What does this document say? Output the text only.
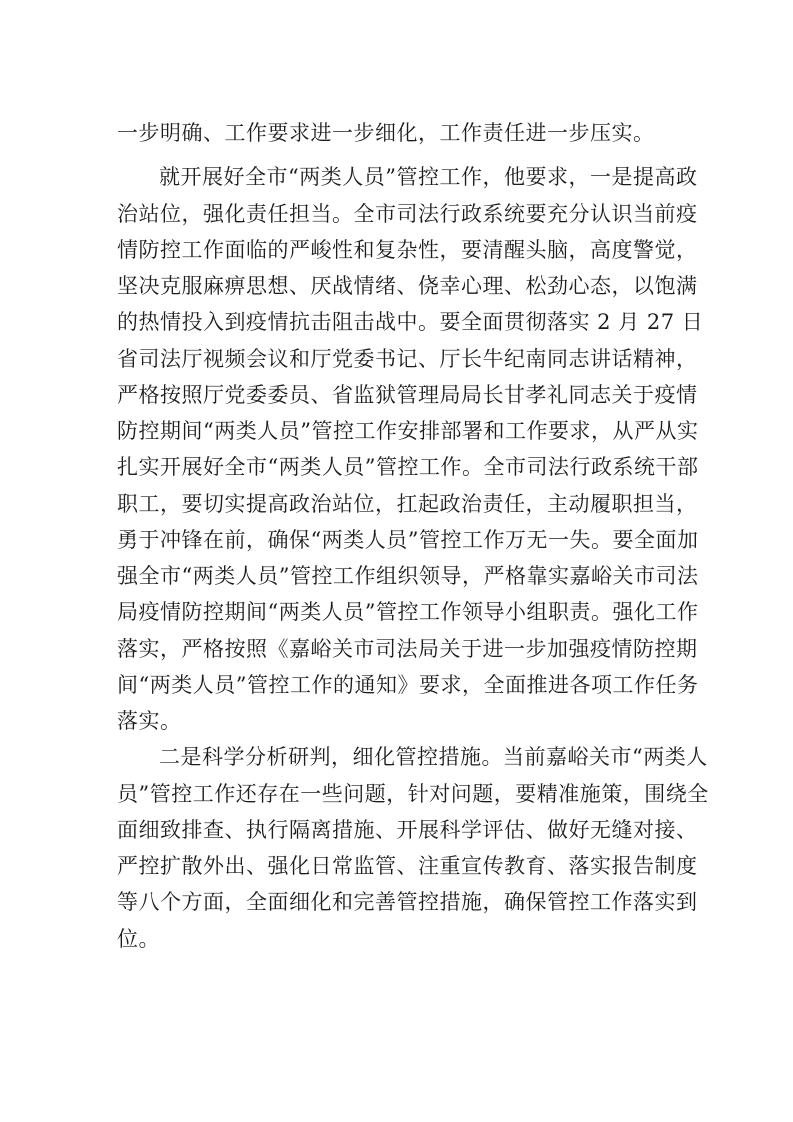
一步明确、工作要求进一步细化，工作责任进一步压实。
就开展好全市“两类人员”管控工作，他要求，一是提高政
治站位，强化责任担当。全市司法行政系统要充分认识当前疫
情防控工作面临的严峻性和复杂性，要清醒头脑，高度警觉，
坚决克服麻痹思想、厌战情绪、侥幸心理、松劲心态，以饱满
的热情投入到疫情抗击阻击战中。要全面贯彻落实 2 月 27 日
省司法厅视频会议和厅党委书记、厅长牛纪南同志讲话精神，
严格按照厅党委委员、省监狱管理局局长甘孝礼同志关于疫情
防控期间“两类人员”管控工作安排部署和工作要求，从严从实
扎实开展好全市“两类人员”管控工作。全市司法行政系统干部
职工，要切实提高政治站位，扛起政治责任，主动履职担当，
勇于冲锋在前，确保“两类人员”管控工作万无一失。要全面加
强全市“两类人员”管控工作组织领导，严格靠实嘉峪关市司法
局疫情防控期间“两类人员”管控工作领导小组职责。强化工作
落实，严格按照《嘉峪关市司法局关于进一步加强疫情防控期
间“两类人员”管控工作的通知》要求，全面推进各项工作任务
落实。
二是科学分析研判，细化管控措施。当前嘉峪关市“两类人
员”管控工作还存在一些问题，针对问题，要精准施策，围绕全
面细致排查、执行隔离措施、开展科学评估、做好无缝对接、
严控扩散外出、强化日常监管、注重宣传教育、落实报告制度
等八个方面，全面细化和完善管控措施，确保管控工作落实到
位。
